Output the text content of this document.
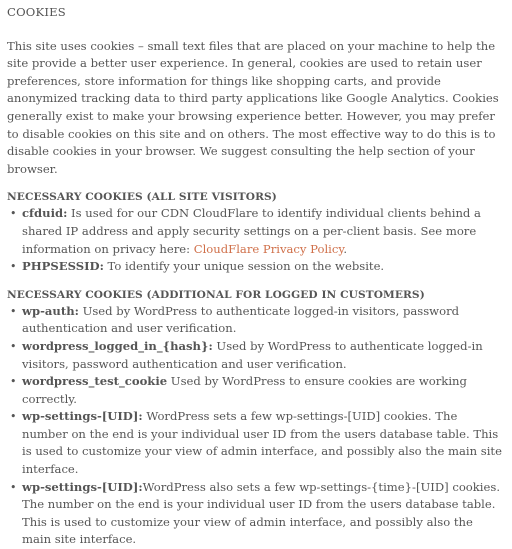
COOKIES

This site uses cookies – small text files that are placed on your machine to help the site provide a better user experience. In general, cookies are used to retain user preferences, store information for things like shopping carts, and provide anonymized tracking data to third party applications like Google Analytics. Cookies generally exist to make your browsing experience better. However, you may prefer to disable cookies on this site and on others. The most effective way to do this is to disable cookies in your browser. We suggest consulting the help section of your browser.

NECESSARY COOKIES (ALL SITE VISITORS)
• cfduid: Is used for our CDN CloudFlare to identify individual clients behind a shared IP address and apply security settings on a per-client basis. See more information on privacy here: CloudFlare Privacy Policy.
• PHPSESSID: To identify your unique session on the website.
NECESSARY COOKIES (ADDITIONAL FOR LOGGED IN CUSTOMERS)
• wp-auth: Used by WordPress to authenticate logged-in visitors, password authentication and user verification.
• wordpress_logged_in_{hash}: Used by WordPress to authenticate logged-in visitors, password authentication and user verification.
• wordpress_test_cookie Used by WordPress to ensure cookies are working correctly.
• wp-settings-[UID]: WordPress sets a few wp-settings-[UID] cookies. The number on the end is your individual user ID from the users database table. This is used to customize your view of admin interface, and possibly also the main site interface.
• wp-settings-[UID]:WordPress also sets a few wp-settings-{time}-[UID] cookies. The number on the end is your individual user ID from the users database table. This is used to customize your view of admin interface, and possibly also the main site interface.
